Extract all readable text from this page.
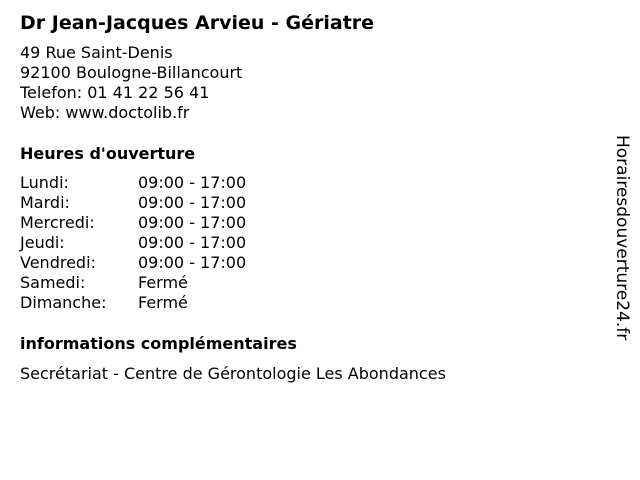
Dr Jean-Jacques Arvieu - Gériatre
49 Rue Saint-Denis
92100 Boulogne-Billancourt
Telefon: 01 41 22 56 41
Web: www.doctolib.fr
Heures d'ouverture
Lundi:	09:00 - 17:00
Mardi:	09:00 - 17:00
Mercredi:	09:00 - 17:00
Jeudi:	09:00 - 17:00
Vendredi:	09:00 - 17:00
Samedi:	Fermé
Dimanche:	Fermé
informations complémentaires
Secrétariat - Centre de Gérontologie Les Abondances
Horairesdouverture24.fr
